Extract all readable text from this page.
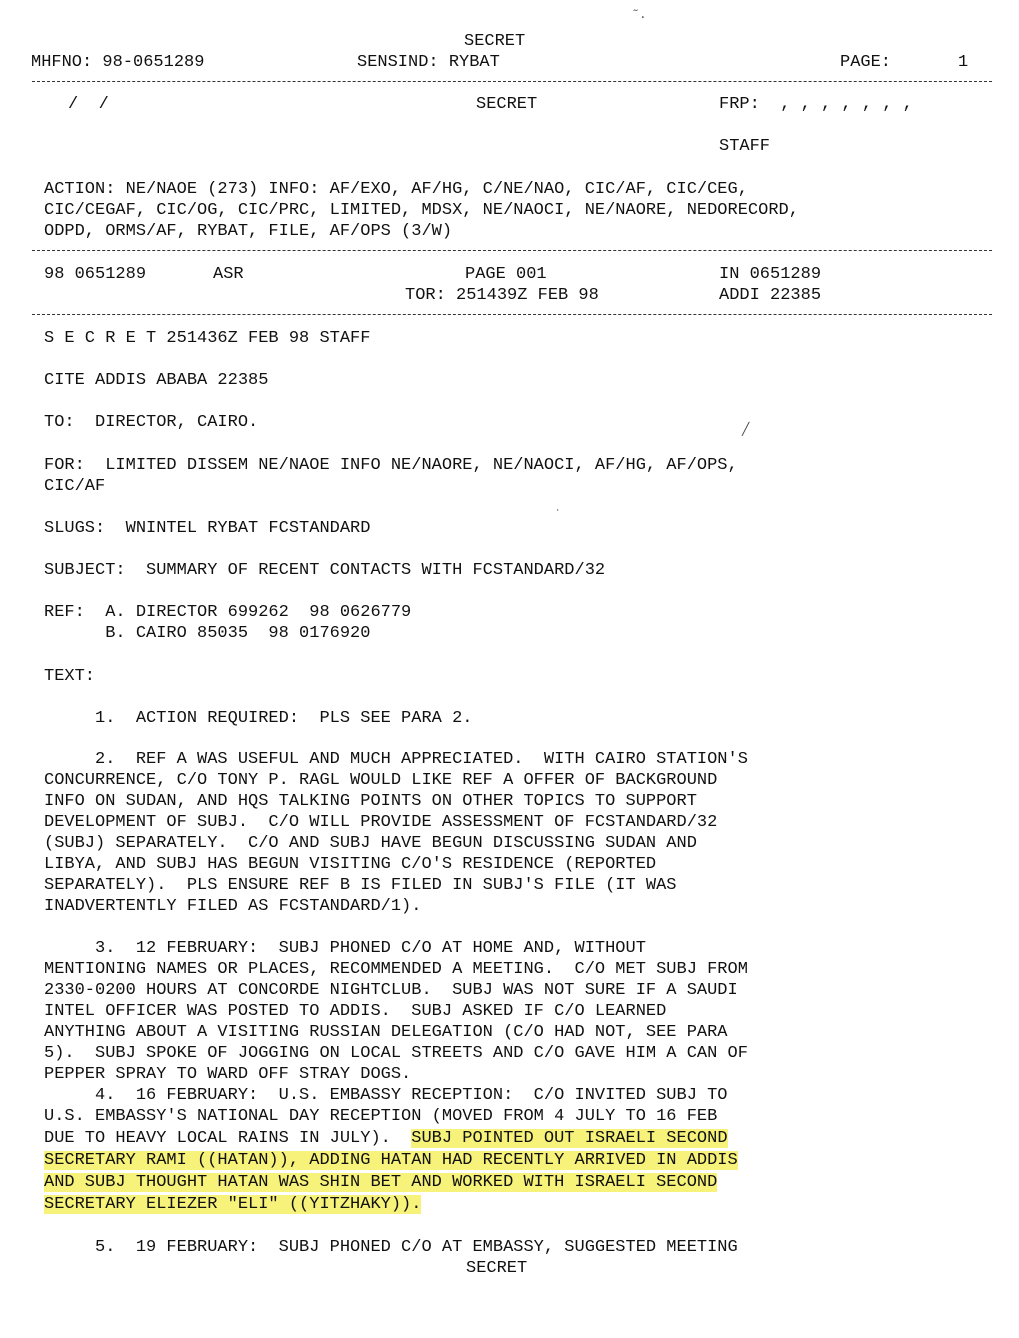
SECRET
MHFNO: 98-0651289	SENSIND: RYBAT	PAGE:	1
/  /	SECRET	FRP:  , , , , , , ,
STAFF
ACTION: NE/NAOE (273) INFO: AF/EXO, AF/HG, C/NE/NAO, CIC/AF, CIC/CEG,
CIC/CEGAF, CIC/OG, CIC/PRC, LIMITED, MDSX, NE/NAOCI, NE/NAORE, NEDORECORD,
ODPD, ORMS/AF, RYBAT, FILE, AF/OPS (3/W)
98 0651289	ASR	PAGE 001	IN 0651289
TOR: 251439Z FEB 98	ADDI 22385
S E C R E T 251436Z FEB 98 STAFF
CITE ADDIS ABABA 22385
TO:  DIRECTOR, CAIRO.
FOR:  LIMITED DISSEM NE/NAOE INFO NE/NAORE, NE/NAOCI, AF/HG, AF/OPS,
CIC/AF
SLUGS:  WNINTEL RYBAT FCSTANDARD
SUBJECT:  SUMMARY OF RECENT CONTACTS WITH FCSTANDARD/32
REF:  A. DIRECTOR 699262  98 0626779
B. CAIRO 85035  98 0176920
TEXT:
1.  ACTION REQUIRED:  PLS SEE PARA 2.
2.  REF A WAS USEFUL AND MUCH APPRECIATED.  WITH CAIRO STATION'S
CONCURRENCE, C/O TONY P. RAGL WOULD LIKE REF A OFFER OF BACKGROUND
INFO ON SUDAN, AND HQS TALKING POINTS ON OTHER TOPICS TO SUPPORT
DEVELOPMENT OF SUBJ.  C/O WILL PROVIDE ASSESSMENT OF FCSTANDARD/32
(SUBJ) SEPARATELY.  C/O AND SUBJ HAVE BEGUN DISCUSSING SUDAN AND
LIBYA, AND SUBJ HAS BEGUN VISITING C/O'S RESIDENCE (REPORTED
SEPARATELY).  PLS ENSURE REF B IS FILED IN SUBJ'S FILE (IT WAS
INADVERTENTLY FILED AS FCSTANDARD/1).
3.  12 FEBRUARY:  SUBJ PHONED C/O AT HOME AND, WITHOUT
MENTIONING NAMES OR PLACES, RECOMMENDED A MEETING.  C/O MET SUBJ FROM
2330-0200 HOURS AT CONCORDE NIGHTCLUB.  SUBJ WAS NOT SURE IF A SAUDI
INTEL OFFICER WAS POSTED TO ADDIS.  SUBJ ASKED IF C/O LEARNED
ANYTHING ABOUT A VISITING RUSSIAN DELEGATION (C/O HAD NOT, SEE PARA
5).  SUBJ SPOKE OF JOGGING ON LOCAL STREETS AND C/O GAVE HIM A CAN OF
PEPPER SPRAY TO WARD OFF STRAY DOGS.
4.  16 FEBRUARY:  U.S. EMBASSY RECEPTION:  C/O INVITED SUBJ TO
U.S. EMBASSY'S NATIONAL DAY RECEPTION (MOVED FROM 4 JULY TO 16 FEB
DUE TO HEAVY LOCAL RAINS IN JULY).  SUBJ POINTED OUT ISRAELI SECOND
SECRETARY RAMI ((HATAN)), ADDING HATAN HAD RECENTLY ARRIVED IN ADDIS
AND SUBJ THOUGHT HATAN WAS SHIN BET AND WORKED WITH ISRAELI SECOND
SECRETARY ELIEZER "ELI" ((YITZHAKY)).
5.  19 FEBRUARY:  SUBJ PHONED C/O AT EMBASSY, SUGGESTED MEETING
SECRET
˜.
╱
˙
